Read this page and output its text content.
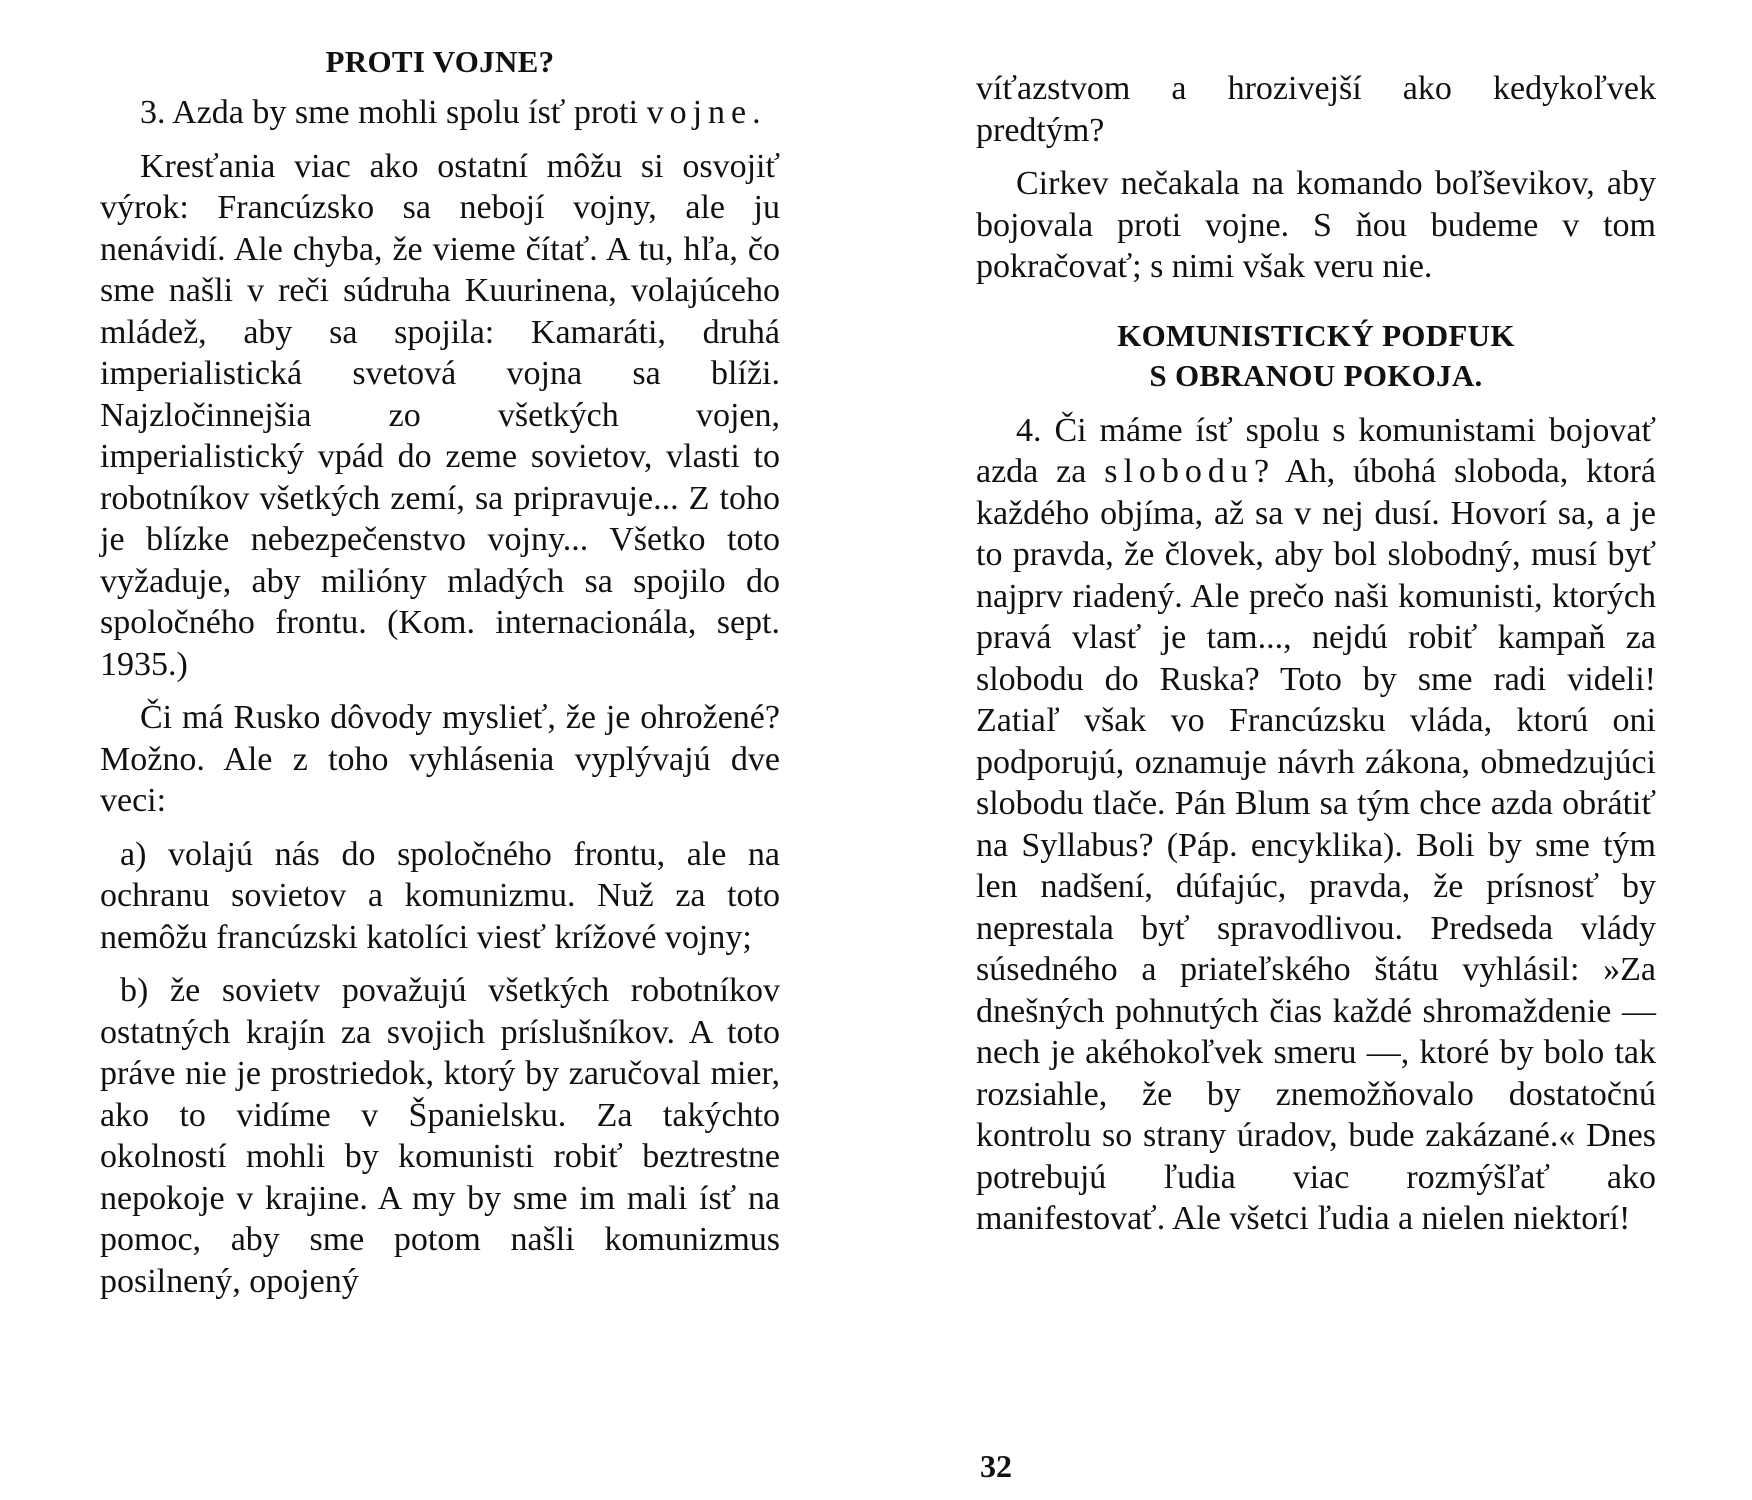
PROTI VOJNE?

3. Azda by sme mohli spolu ísť proti vojne.

Kresťania viac ako ostatní môžu si osvojiť výrok: Francúzsko sa nebojí vojny, ale ju nenávidí. Ale chyba, že vieme čítať. A tu, hľa, čo sme našli v reči súdruha Kuurinena, volajúceho mládež, aby sa spojila: Kamaráti, druhá imperialistická svetová vojna sa blíži. Najzločinnejšia zo všetkých vojen, imperialistický vpád do zeme sovietov, vlasti to robotníkov všetkých zemí, sa pripravuje... Z toho je blízke nebezpečenstvo vojny... Všetko toto vyžaduje, aby milióny mladých sa spojilo do spoločného frontu. (Kom. internacionála, sept. 1935.)

Či má Rusko dôvody myslieť, že je ohrožené? Možno. Ale z toho vyhlásenia vyplývajú dve veci:

a) volajú nás do spoločného frontu, ale na ochranu sovietov a komunizmu. Nuž za toto nemôžu francúzski katolíci viesť krížové vojny;

b) že sovietv považujú všetkých robotníkov ostatných krajín za svojich príslušníkov. A toto práve nie je prostriedok, ktorý by zaručoval mier, ako to vidíme v Španielsku. Za takýchto okolností mohli by komunisti robiť beztrestne nepokoje v krajine. A my by sme im mali ísť na pomoc, aby sme potom našli komunizmus posilnený, opojený

víťazstvom a hrozivejší ako kedykoľvek predtým?

Cirkev nečakala na komando boľševikov, aby bojovala proti vojne. S ňou budeme v tom pokračovať; s nimi však veru nie.

KOMUNISTICKÝ PODFUK
S OBRANOU POKOJA.

4. Či máme ísť spolu s komunistami bojovať azda za slobodu? Ah, úbohá sloboda, ktorá každého objíma, až sa v nej dusí. Hovorí sa, a je to pravda, že človek, aby bol slobodný, musí byť najprv riadený. Ale prečo naši komunisti, ktorých pravá vlasť je tam..., nejdú robiť kampaň za slobodu do Ruska? Toto by sme radi videli! Zatiaľ však vo Francúzsku vláda, ktorú oni podporujú, oznamuje návrh zákona, obmedzujúci slobodu tlače. Pán Blum sa tým chce azda obrátiť na Syllabus? (Páp. encyklika). Boli by sme tým len nadšení, dúfajúc, pravda, že prísnosť by neprestala byť spravodlivou. Predseda vlády súsedného a priateľského štátu vyhlásil: »Za dnešných pohnutých čias každé shromaždenie — nech je akéhokoľvek smeru —, ktoré by bolo tak rozsiahle, že by znemožňovalo dostatočnú kontrolu so strany úradov, bude zakázané.« Dnes potrebujú ľudia viac rozmýšľať ako manifestovať. Ale všetci ľudia a nielen niektorí!

32
